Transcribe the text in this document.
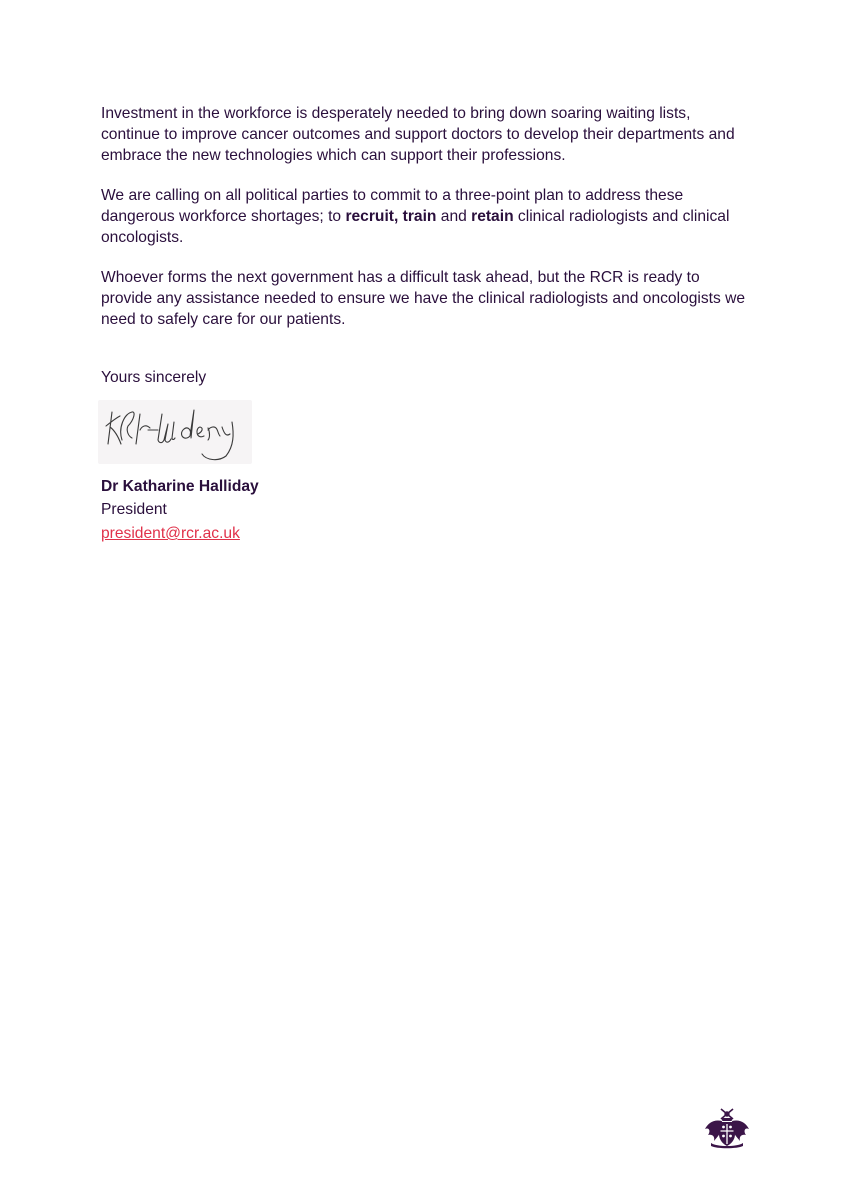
Investment in the workforce is desperately needed to bring down soaring waiting lists, continue to improve cancer outcomes and support doctors to develop their departments and embrace the new technologies which can support their professions.

We are calling on all political parties to commit to a three-point plan to address these dangerous workforce shortages; to recruit, train and retain clinical radiologists and clinical oncologists.

Whoever forms the next government has a difficult task ahead, but the RCR is ready to provide any assistance needed to ensure we have the clinical radiologists and oncologists we need to safely care for our patients.

Yours sincerely

Dr Katharine Halliday
President
president@rcr.ac.uk
